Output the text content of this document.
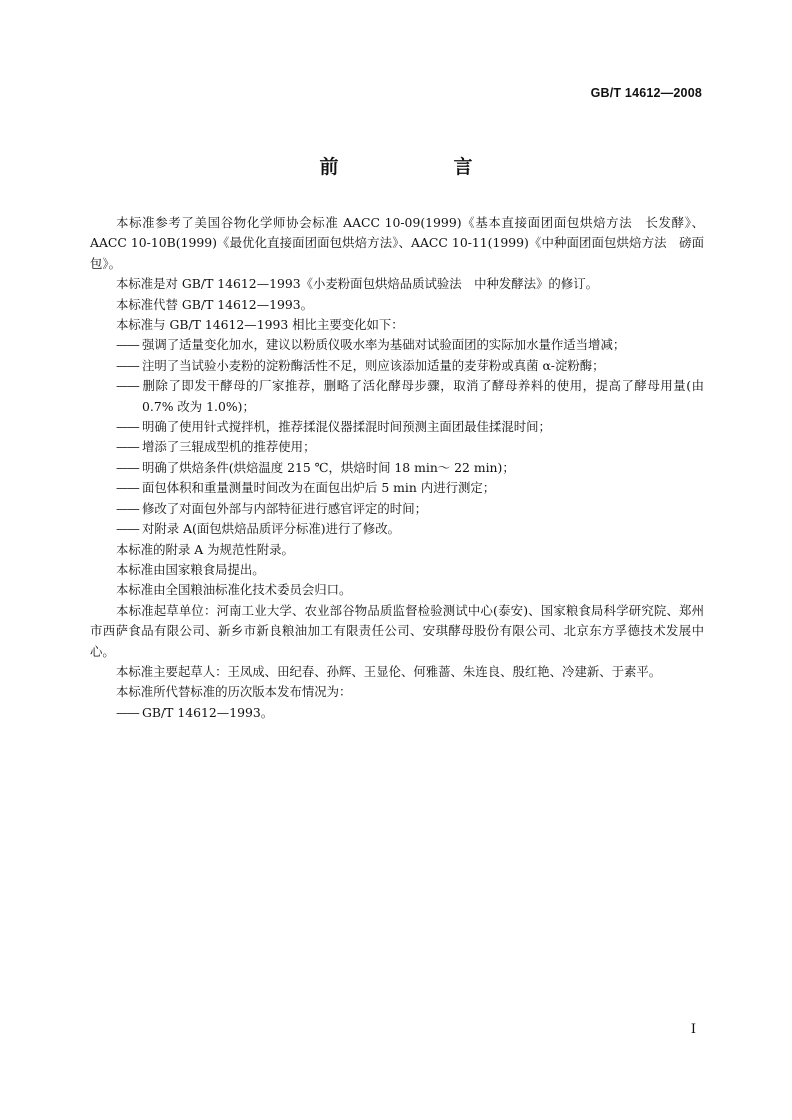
GB/T 14612—2008
前　言

本标准参考了美国谷物化学师协会标准 AACC 10-09(1999)《基本直接面团面包烘焙方法　长发酵》、AACC 10-10B(1999)《最优化直接面团面包烘焙方法》、AACC 10-11(1999)《中种面团面包烘焙方法　磅面包》。

本标准是对 GB/T 14612—1993《小麦粉面包烘焙品质试验法　中种发酵法》的修订。

本标准代替 GB/T 14612—1993。

本标准与 GB/T 14612—1993 相比主要变化如下：

—— 强调了适量变化加水，建议以粉质仪吸水率为基础对试验面团的实际加水量作适当增减；

—— 注明了当试验小麦粉的淀粉酶活性不足，则应该添加适量的麦芽粉或真菌 α-淀粉酶；

—— 删除了即发干酵母的厂家推荐，删略了活化酵母步骤，取消了酵母养料的使用，提高了酵母用量(由 0.7% 改为 1.0%)；

—— 明确了使用针式搅拌机，推荐揉混仪器揉混时间预测主面团最佳揉混时间；

—— 增添了三辊成型机的推荐使用；

—— 明确了烘焙条件(烘焙温度 215 ℃，烘焙时间 18 min～ 22 min)；

—— 面包体积和重量测量时间改为在面包出炉后 5 min 内进行测定；

—— 修改了对面包外部与内部特征进行感官评定的时间；

—— 对附录 A(面包烘焙品质评分标准)进行了修改。

本标准的附录 A 为规范性附录。

本标准由国家粮食局提出。

本标准由全国粮油标准化技术委员会归口。

本标准起草单位：河南工业大学、农业部谷物品质监督检验测试中心(泰安)、国家粮食局科学研究院、郑州市西萨食品有限公司、新乡市新良粮油加工有限责任公司、安琪酵母股份有限公司、北京东方孚德技术发展中心。

本标准主要起草人：王凤成、田纪春、孙辉、王显伦、何雅蔷、朱连良、殷红艳、冷建新、于素平。

本标准所代替标准的历次版本发布情况为：

—— GB/T 14612—1993。

I
